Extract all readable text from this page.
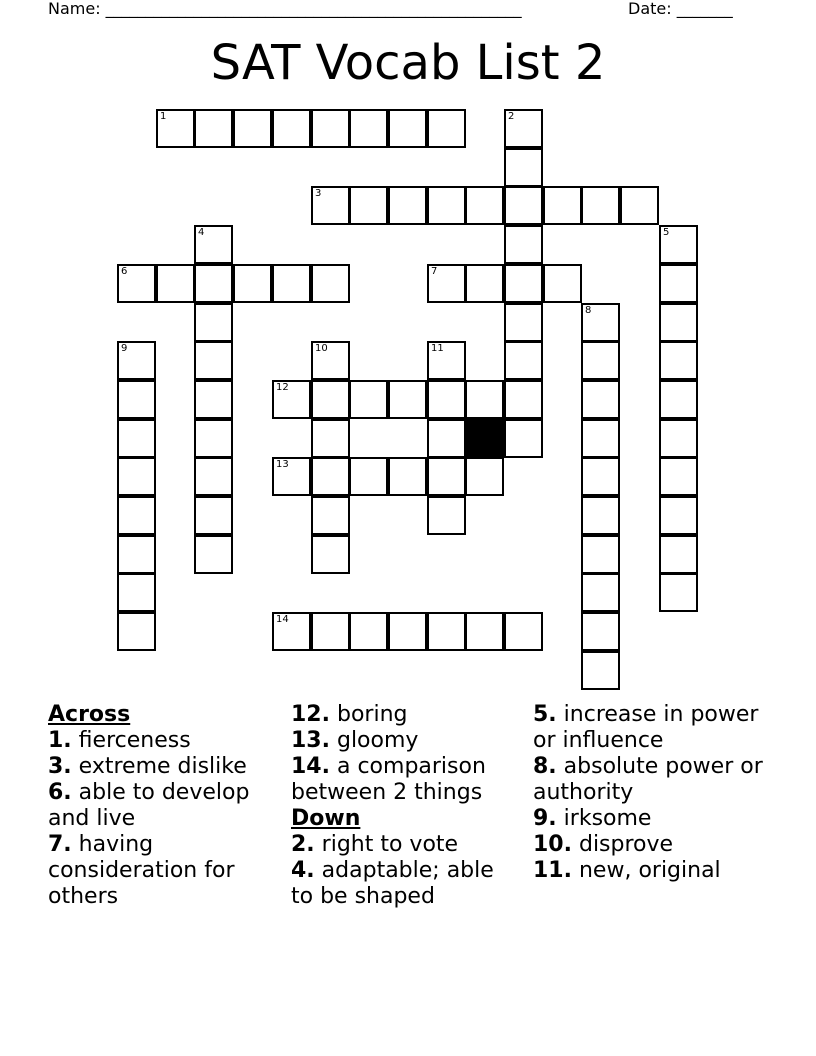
Name: ____________________________________________________	Date: _______
SAT Vocab List 2
1	2
3
4	5
6	7
8
9	10	11
12
13
14
Across

1. fierceness

3. extreme dislike

6. able to develop and live

7. having consideration for others

12. boring

13. gloomy

14. a comparison between 2 things

Down

2. right to vote

4. adaptable; able to be shaped

5. increase in power or influence

8. absolute power or authority

9. irksome

10. disprove

11. new, original
